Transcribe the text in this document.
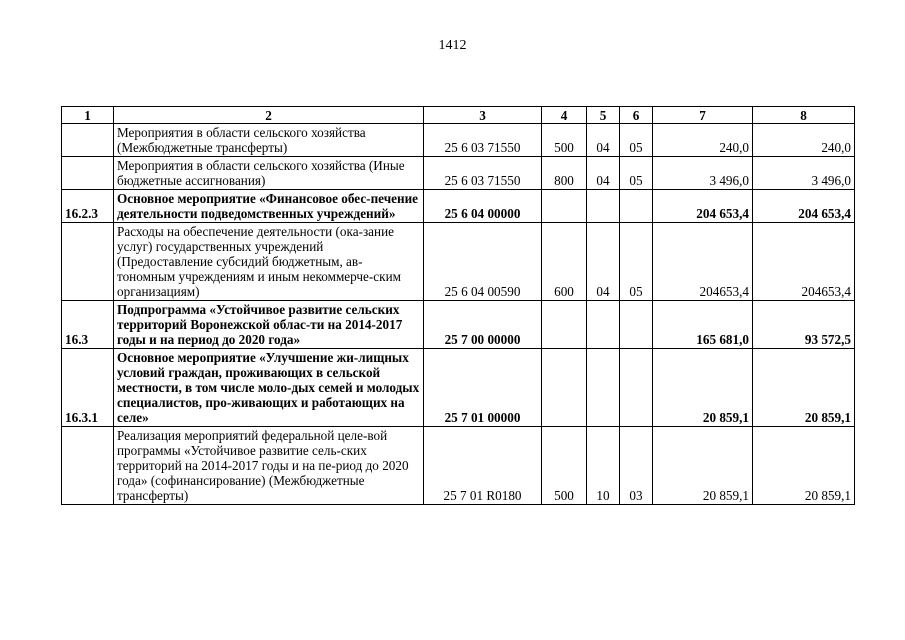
1412
1	2	3	4	5	6	7	8
	Мероприятия в области сельского хозяйства (Межбюджетные трансферты)	25 6 03 71550	500	04	05	240,0	240,0
	Мероприятия в области сельского хозяйства (Иные бюджетные ассигнования)	25 6 03 71550	800	04	05	3 496,0	3 496,0
16.2.3	Основное мероприятие «Финансовое обес-печение деятельности подведомственных учреждений»	25 6 04 00000				204 653,4	204 653,4
	Расходы на обеспечение деятельности (ока-зание услуг) государственных учреждений (Предоставление субсидий бюджетным, ав-тономным учреждениям и иным некоммерче-ским организациям)	25 6 04 00590	600	04	05	204653,4	204653,4
16.3	Подпрограмма «Устойчивое развитие сельских территорий Воронежской облас-ти на 2014-2017 годы и на период до 2020 года»	25 7 00 00000				165 681,0	93 572,5
16.3.1	Основное мероприятие «Улучшение жи-лищных условий граждан, проживающих в сельской местности, в том числе моло-дых семей и молодых специалистов, про-живающих и работающих на селе»	25 7 01 00000				20 859,1	20 859,1
	Реализация мероприятий федеральной целе-вой программы «Устойчивое развитие сель-ских территорий на 2014-2017 годы и на пе-риод до 2020 года» (софинансирование) (Межбюджетные трансферты)	25 7 01 R0180	500	10	03	20 859,1	20 859,1
